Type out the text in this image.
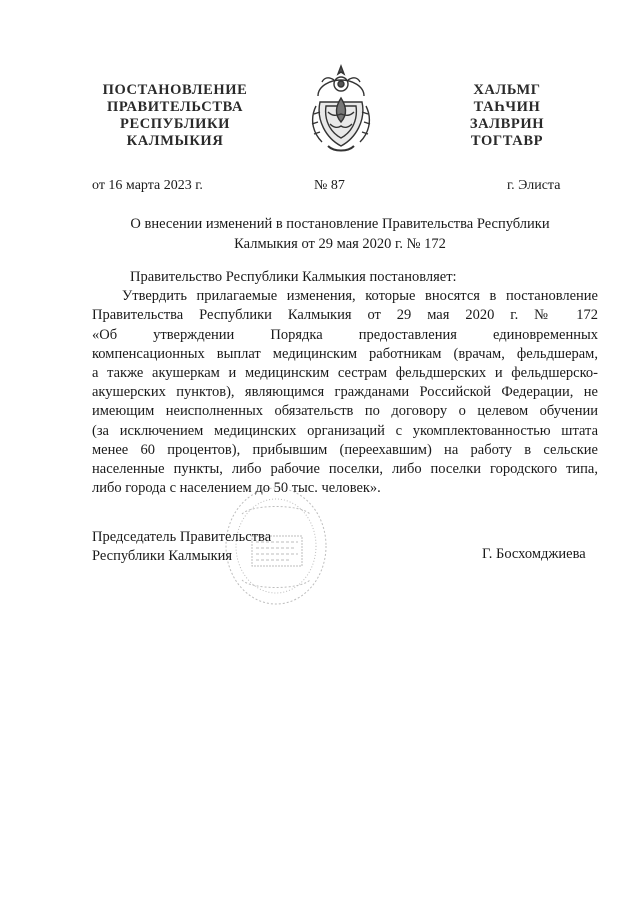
ПОСТАНОВЛЕНИЕ
ПРАВИТЕЛЬСТВА
РЕСПУБЛИКИ
КАЛМЫКИЯ
ХАЛЬМГ
ТАҺЧИН
ЗАЛВРИН
ТОГТАВР
от 16 марта 2023 г.	№ 87	г. Элиста
О внесении изменений в постановление Правительства Республики
Калмыкия от 29 мая 2020 г. № 172
Правительство Республики Калмыкия постановляет:
Утвердить прилагаемые изменения, которые вносятся в постановление
Правительства Республики Калмыкия от 29 мая 2020 г. № 172
«Об утверждении Порядка предоставления единовременных
компенсационных выплат медицинским работникам (врачам, фельдшерам,
а также акушеркам и медицинским сестрам фельдшерских и фельдшерско-
акушерских пунктов), являющимся гражданами Российской Федерации, не
имеющим неисполненных обязательств по договору о целевом обучении
(за исключением медицинских организаций с укомплектованностью штата
менее 60 процентов), прибывшим (переехавшим) на работу в сельские
населенные пункты, либо рабочие поселки, либо поселки городского типа,
либо города с населением до 50 тыс. человек».
Председатель Правительства
Республики Калмыкия	Г. Босхомджиева
